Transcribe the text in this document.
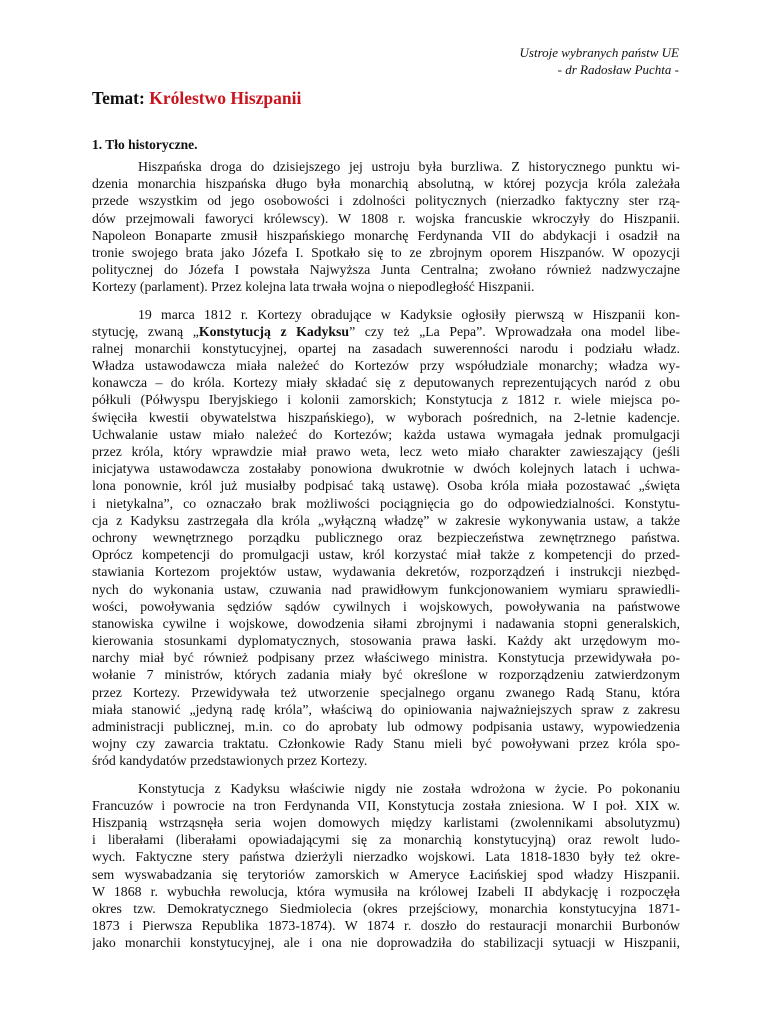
Ustroje wybranych państw UE
- dr Radosław Puchta -
Temat: Królestwo Hiszpanii
1. Tło historyczne.
Hiszpańska droga do dzisiejszego jej ustroju była burzliwa. Z historycznego punktu wi-
dzenia monarchia hiszpańska długo była monarchią absolutną, w której pozycja króla zależała
przede wszystkim od jego osobowości i zdolności politycznych (nierzadko faktyczny ster rzą-
dów przejmowali faworyci królewscy). W 1808 r. wojska francuskie wkroczyły do Hiszpanii.
Napoleon Bonaparte zmusił hiszpańskiego monarchę Ferdynanda VII do abdykacji i osadził na
tronie swojego brata jako Józefa I. Spotkało się to ze zbrojnym oporem Hiszpanów. W opozycji
politycznej do Józefa I powstała Najwyższa Junta Centralna; zwołano również nadzwyczajne
Kortezy (parlament). Przez kolejna lata trwała wojna o niepodległość Hiszpanii.
19 marca 1812 r. Kortezy obradujące w Kadyksie ogłosiły pierwszą w Hiszpanii kon-
stytucję, zwaną „Konstytucją z Kadyksu” czy też „La Pepa”. Wprowadzała ona model libe-
ralnej monarchii konstytucyjnej, opartej na zasadach suwerenności narodu i podziału władz.
Władza ustawodawcza miała należeć do Kortezów przy współudziale monarchy; władza wy-
konawcza – do króla. Kortezy miały składać się z deputowanych reprezentujących naród z obu
półkuli (Półwyspu Iberyjskiego i kolonii zamorskich; Konstytucja z 1812 r. wiele miejsca po-
święciła kwestii obywatelstwa hiszpańskiego), w wyborach pośrednich, na 2-letnie kadencje.
Uchwalanie ustaw miało należeć do Kortezów; każda ustawa wymagała jednak promulgacji
przez króla, który wprawdzie miał prawo weta, lecz weto miało charakter zawieszający (jeśli
inicjatywa ustawodawcza zostałaby ponowiona dwukrotnie w dwóch kolejnych latach i uchwa-
lona ponownie, król już musiałby podpisać taką ustawę). Osoba króla miała pozostawać „święta
i nietykalna”, co oznaczało brak możliwości pociągnięcia go do odpowiedzialności. Konstytu-
cja z Kadyksu zastrzegała dla króla „wyłączną władzę” w zakresie wykonywania ustaw, a także
ochrony wewnętrznego porządku publicznego oraz bezpieczeństwa zewnętrznego państwa.
Oprócz kompetencji do promulgacji ustaw, król korzystać miał także z kompetencji do przed-
stawiania Kortezom projektów ustaw, wydawania dekretów, rozporządzeń i instrukcji niezbęd-
nych do wykonania ustaw, czuwania nad prawidłowym funkcjonowaniem wymiaru sprawiedli-
wości, powoływania sędziów sądów cywilnych i wojskowych, powoływania na państwowe
stanowiska cywilne i wojskowe, dowodzenia siłami zbrojnymi i nadawania stopni generalskich,
kierowania stosunkami dyplomatycznych, stosowania prawa łaski. Każdy akt urzędowym mo-
narchy miał być również podpisany przez właściwego ministra. Konstytucja przewidywała po-
wołanie 7 ministrów, których zadania miały być określone w rozporządzeniu zatwierdzonym
przez Kortezy. Przewidywała też utworzenie specjalnego organu zwanego Radą Stanu, która
miała stanowić „jedyną radę króla”, właściwą do opiniowania najważniejszych spraw z zakresu
administracji publicznej, m.in. co do aprobaty lub odmowy podpisania ustawy, wypowiedzenia
wojny czy zawarcia traktatu. Członkowie Rady Stanu mieli być powoływani przez króla spo-
śród kandydatów przedstawionych przez Kortezy.
Konstytucja z Kadyksu właściwie nigdy nie została wdrożona w życie. Po pokonaniu
Francuzów i powrocie na tron Ferdynanda VII, Konstytucja została zniesiona. W I poł. XIX w.
Hiszpanią wstrząsnęła seria wojen domowych między karlistami (zwolennikami absolutyzmu)
i liberałami (liberałami opowiadającymi się za monarchią konstytucyjną) oraz rewolt ludo-
wych. Faktyczne stery państwa dzierżyli nierzadko wojskowi. Lata 1818-1830 były też okre-
sem wyswabadzania się terytoriów zamorskich w Ameryce Łacińskiej spod władzy Hiszpanii.
W 1868 r. wybuchła rewolucja, która wymusiła na królowej Izabeli II abdykację i rozpoczęła
okres tzw. Demokratycznego Siedmiolecia (okres przejściowy, monarchia konstytucyjna 1871-
1873 i Pierwsza Republika 1873-1874). W 1874 r. doszło do restauracji monarchii Burbonów
jako monarchii konstytucyjnej, ale i ona nie doprowadziła do stabilizacji sytuacji w Hiszpanii,
